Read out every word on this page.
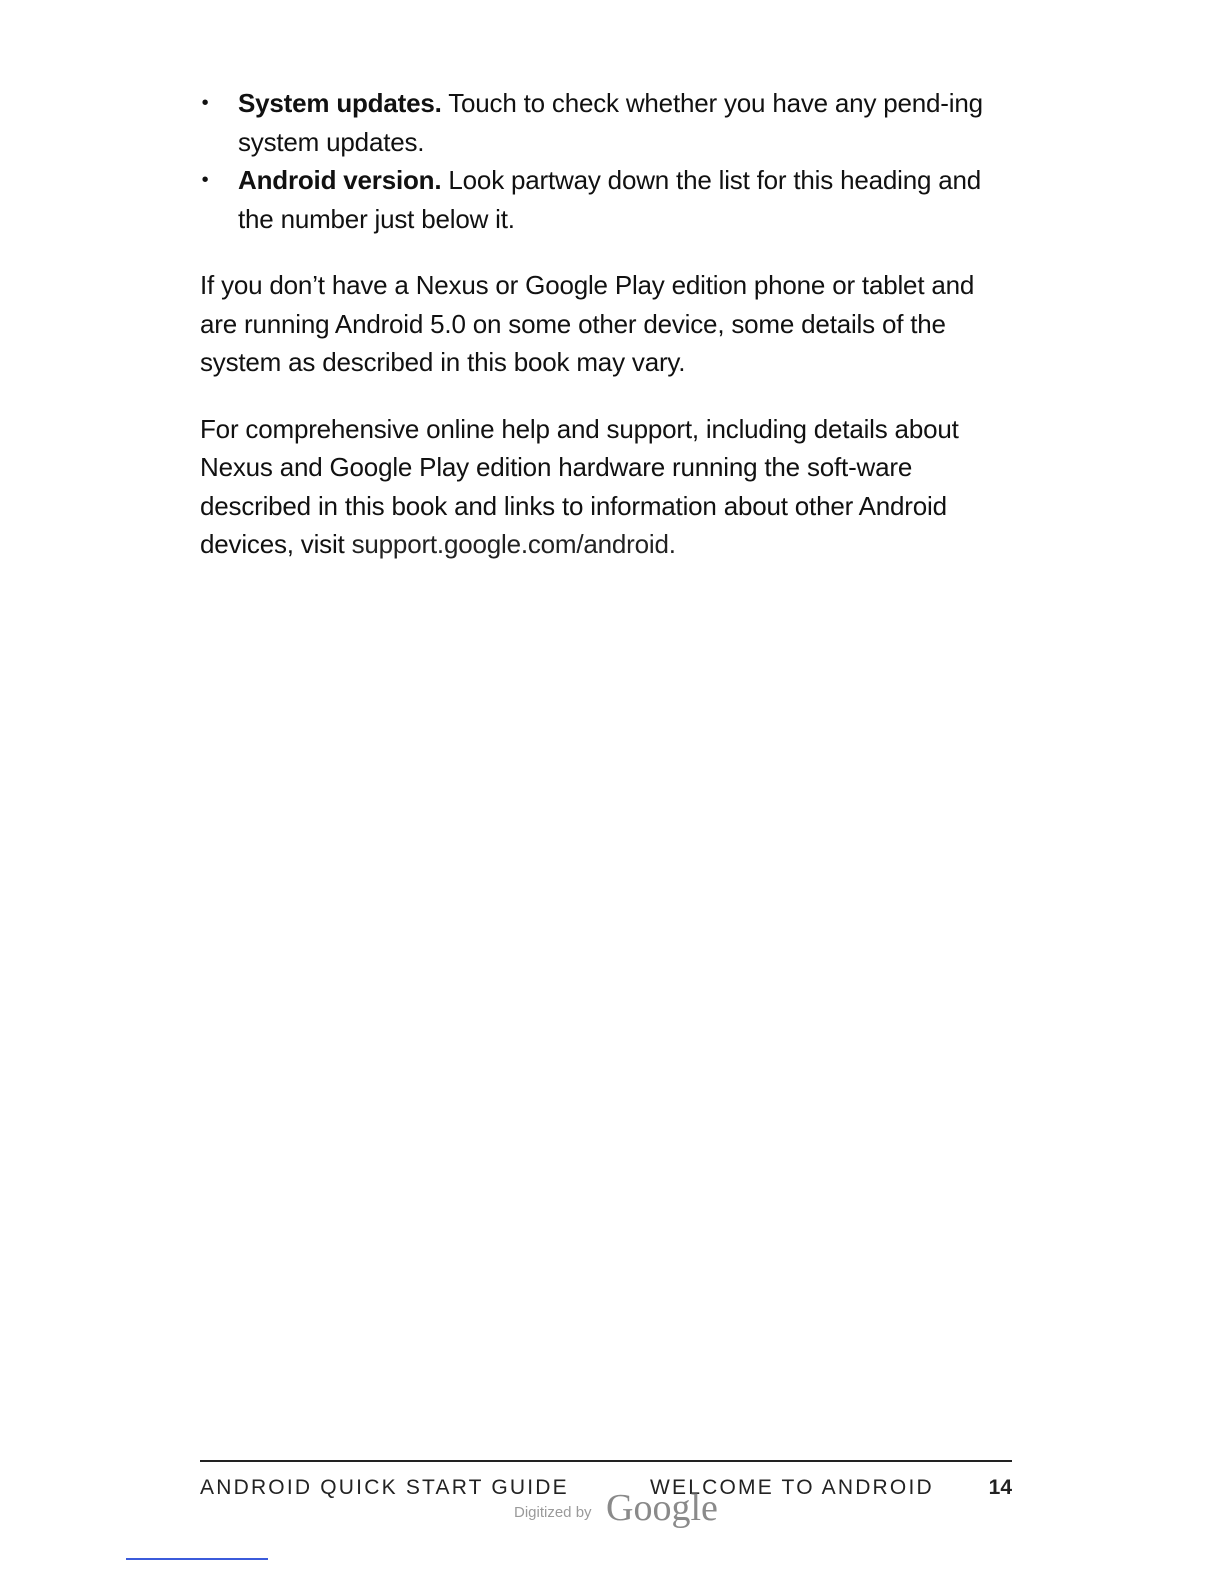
• System updates. Touch to check whether you have any pend-ing system updates.
• Android version. Look partway down the list for this heading and the number just below it.

If you don’t have a Nexus or Google Play edition phone or tablet and are running Android 5.0 on some other device, some details of the system as described in this book may vary.

For comprehensive online help and support, including details about Nexus and Google Play edition hardware running the soft-ware described in this book and links to information about other Android devices, visit support.google.com/android.

ANDROID QUICK START GUIDE	WELCOME TO ANDROID	14
Digitized by Google
